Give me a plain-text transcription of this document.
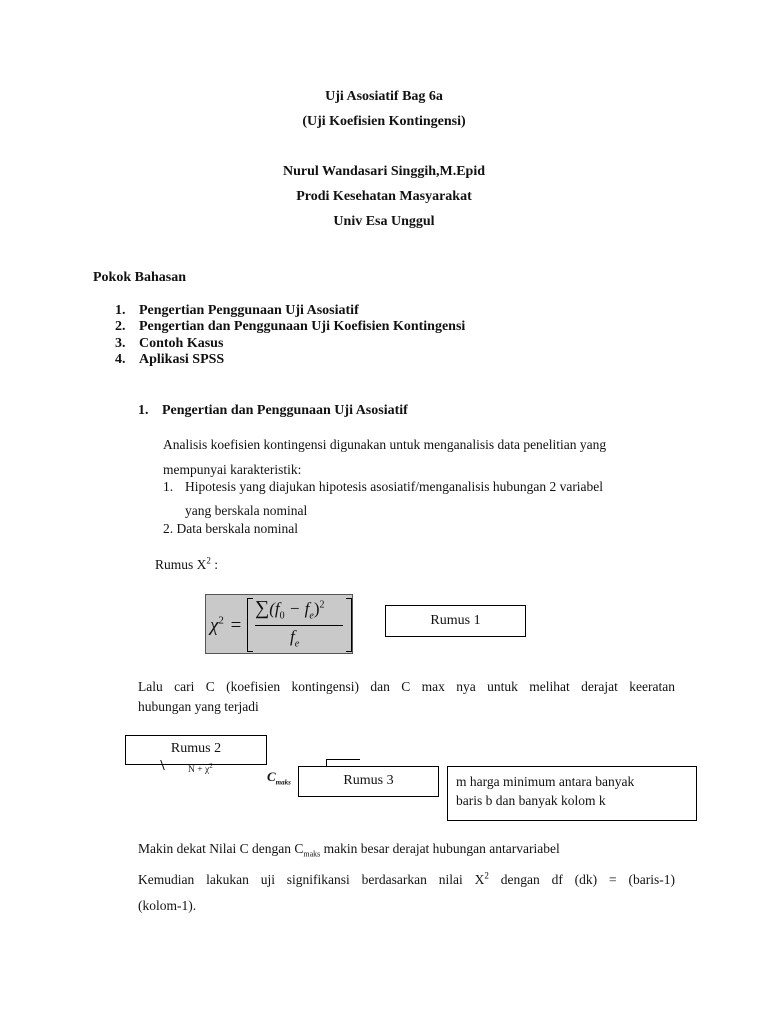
Uji Asosiatif Bag 6a
(Uji Koefisien Kontingensi)
Nurul Wandasari Singgih,M.Epid
Prodi Kesehatan Masyarakat
Univ Esa Unggul
Pokok Bahasan
1. Pengertian Penggunaan Uji Asosiatif
2. Pengertian dan Penggunaan Uji Koefisien Kontingensi
3. Contoh Kasus
4. Aplikasi SPSS
1. Pengertian dan Penggunaan Uji Asosiatif
Analisis koefisien kontingensi digunakan untuk menganalisis data penelitian yang
mempunyai karakteristik:
1. Hipotesis yang diajukan hipotesis asosiatif/menganalisis hubungan 2 variabel
yang berskala nominal
2. Data berskala nominal
Rumus $X^2$ :
$\chi^2$ =
$\sum(f_0 - f_e)^2$
$f_e$
Rumus 1
Lalu cari C (koefisien kontingensi) dan C max nya untuk melihat derajat keeratan
hubungan yang terjadi
Rumus 2
$N + \chi^2$
$C_{maks}$	Rumus 3	m harga minimum antara banyak
baris b dan banyak kolom k
Makin dekat Nilai C dengan $C_{maks}$ makin besar derajat hubungan antarvariabel
Kemudian lakukan uji signifikansi berdasarkan nilai $X^2$ dengan df (dk) = (baris-1)
(kolom-1).
